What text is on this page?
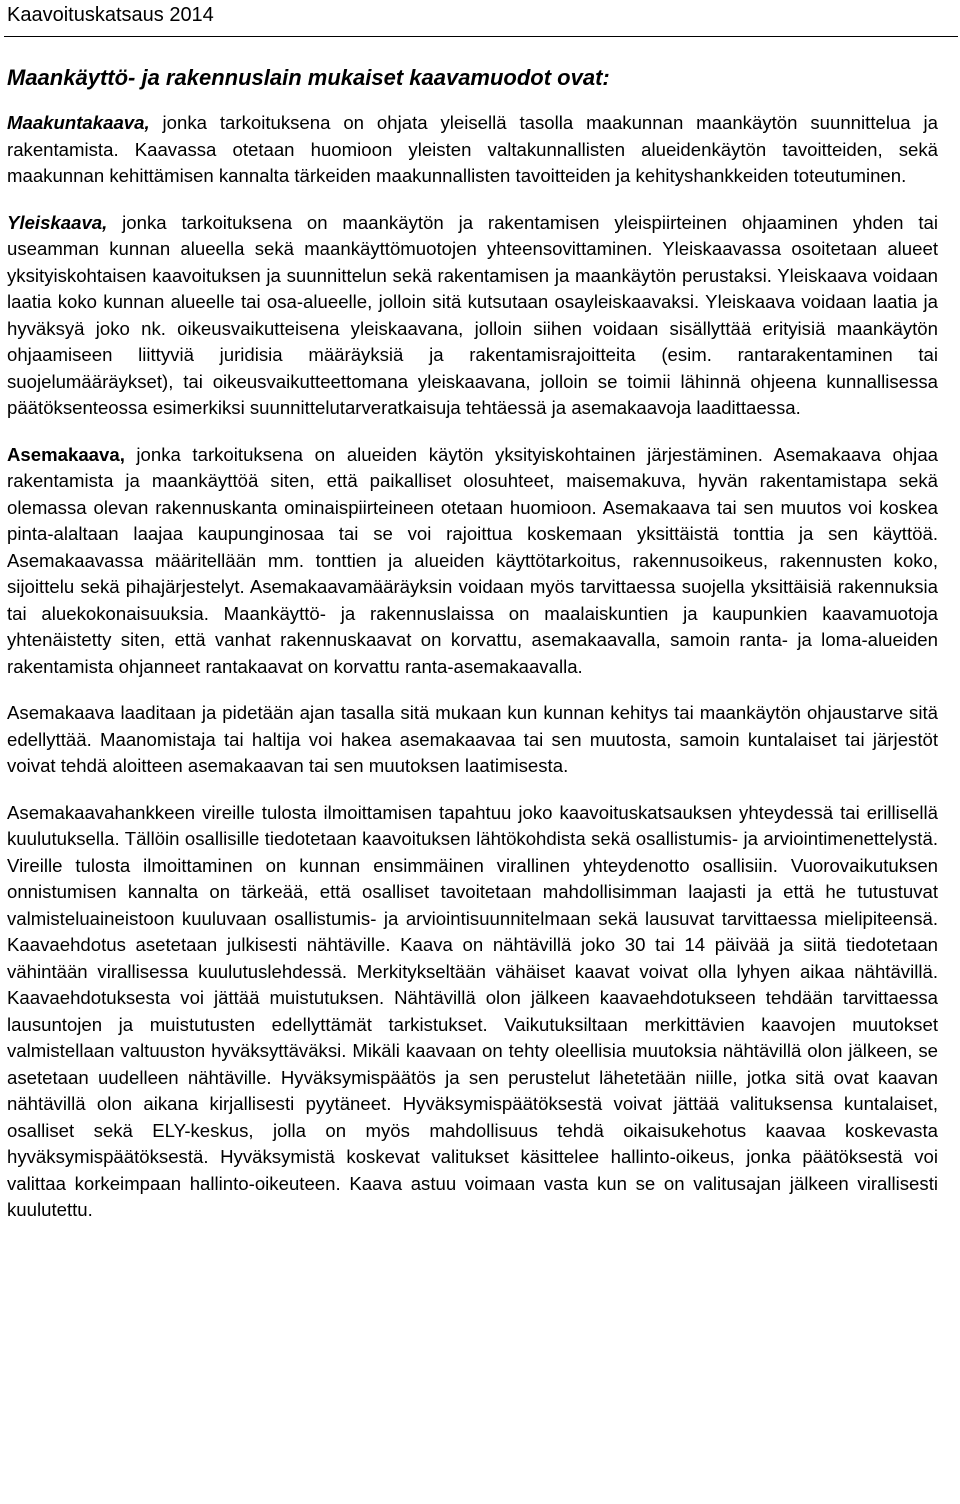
Kaavoituskatsaus 2014
Maankäyttö- ja rakennuslain mukaiset kaavamuodot ovat:

Maakuntakaava, jonka tarkoituksena on ohjata yleisellä tasolla maakunnan maankäytön suunnittelua ja rakentamista. Kaavassa otetaan huomioon yleisten valtakunnallisten alueidenkäytön tavoitteiden, sekä maakunnan kehittämisen kannalta tärkeiden maakunnallisten tavoitteiden ja kehityshankkeiden toteutuminen.

Yleiskaava, jonka tarkoituksena on maankäytön ja rakentamisen yleispiirteinen ohjaaminen yhden tai useamman kunnan alueella sekä maankäyttömuotojen yhteensovittaminen. Yleiskaavassa osoitetaan alueet yksityiskohtaisen kaavoituksen ja suunnittelun sekä rakentamisen ja maankäytön perustaksi. Yleiskaava voidaan laatia koko kunnan alueelle tai osa-alueelle, jolloin sitä kutsutaan osayleiskaavaksi. Yleiskaava voidaan laatia ja hyväksyä joko nk. oikeusvaikutteisena yleiskaavana, jolloin siihen voidaan sisällyttää erityisiä maankäytön ohjaamiseen liittyviä juridisia määräyksiä ja rakentamisrajoitteita (esim. rantarakentaminen tai suojelumääräykset), tai oikeusvaikutteettomana yleiskaavana, jolloin se toimii lähinnä ohjeena kunnallisessa päätöksenteossa esimerkiksi suunnittelutarveratkaisuja tehtäessä ja asemakaavoja laadittaessa.

Asemakaava, jonka tarkoituksena on alueiden käytön yksityiskohtainen järjestäminen. Asemakaava ohjaa rakentamista ja maankäyttöä siten, että paikalliset olosuhteet, maisemakuva, hyvän rakentamistapa sekä olemassa olevan rakennuskanta ominaispiirteineen otetaan huomioon. Asemakaava tai sen muutos voi koskea pinta-alaltaan laajaa kaupunginosaa tai se voi rajoittua koskemaan yksittäistä tonttia ja sen käyttöä. Asemakaavassa määritellään mm. tonttien ja alueiden käyttötarkoitus, rakennusoikeus, rakennusten koko, sijoittelu sekä pihajärjestelyt. Asemakaavamääräyksin voidaan myös tarvittaessa suojella yksittäisiä rakennuksia tai aluekokonaisuuksia. Maankäyttö- ja rakennuslaissa on maalaiskuntien ja kaupunkien kaavamuotoja yhtenäistetty siten, että vanhat rakennuskaavat on korvattu, asemakaavalla, samoin ranta- ja loma-alueiden rakentamista ohjanneet rantakaavat on korvattu ranta-asemakaavalla.

Asemakaava laaditaan ja pidetään ajan tasalla sitä mukaan kun kunnan kehitys tai maankäytön ohjaustarve sitä edellyttää. Maanomistaja tai haltija voi hakea asemakaavaa tai sen muutosta, samoin kuntalaiset tai järjestöt voivat tehdä aloitteen asemakaavan tai sen muutoksen laatimisesta.

Asemakaavahankkeen vireille tulosta ilmoittamisen tapahtuu joko kaavoituskatsauksen yhteydessä tai erillisellä kuulutuksella. Tällöin osallisille tiedotetaan kaavoituksen lähtökohdista sekä osallistumis- ja arviointimenettelystä. Vireille tulosta ilmoittaminen on kunnan ensimmäinen virallinen yhteydenotto osallisiin. Vuorovaikutuksen onnistumisen kannalta on tärkeää, että osalliset tavoitetaan mahdollisimman laajasti ja että he tutustuvat valmisteluaineistoon kuuluvaan osallistumis- ja arviointisuunnitelmaan sekä lausuvat tarvittaessa mielipiteensä. Kaavaehdotus asetetaan julkisesti nähtäville. Kaava on nähtävillä joko 30 tai 14 päivää ja siitä tiedotetaan vähintään virallisessa kuulutuslehdessä. Merkitykseltään vähäiset kaavat voivat olla lyhyen aikaa nähtävillä. Kaavaehdotuksesta voi jättää muistutuksen. Nähtävillä olon jälkeen kaavaehdotukseen tehdään tarvittaessa lausuntojen ja muistutusten edellyttämät tarkistukset. Vaikutuksiltaan merkittävien kaavojen muutokset valmistellaan valtuuston hyväksyttäväksi. Mikäli kaavaan on tehty oleellisia muutoksia nähtävillä olon jälkeen, se asetetaan uudelleen nähtäville. Hyväksymispäätös ja sen perustelut lähetetään niille, jotka sitä ovat kaavan nähtävillä olon aikana kirjallisesti pyytäneet. Hyväksymispäätöksestä voivat jättää valituksensa kuntalaiset, osalliset sekä ELY-keskus, jolla on myös mahdollisuus tehdä oikaisukehotus kaavaa koskevasta hyväksymispäätöksestä. Hyväksymistä koskevat valitukset käsittelee hallinto-oikeus, jonka päätöksestä voi valittaa korkeimpaan hallinto-oikeuteen. Kaava astuu voimaan vasta kun se on valitusajan jälkeen virallisesti kuulutettu.
